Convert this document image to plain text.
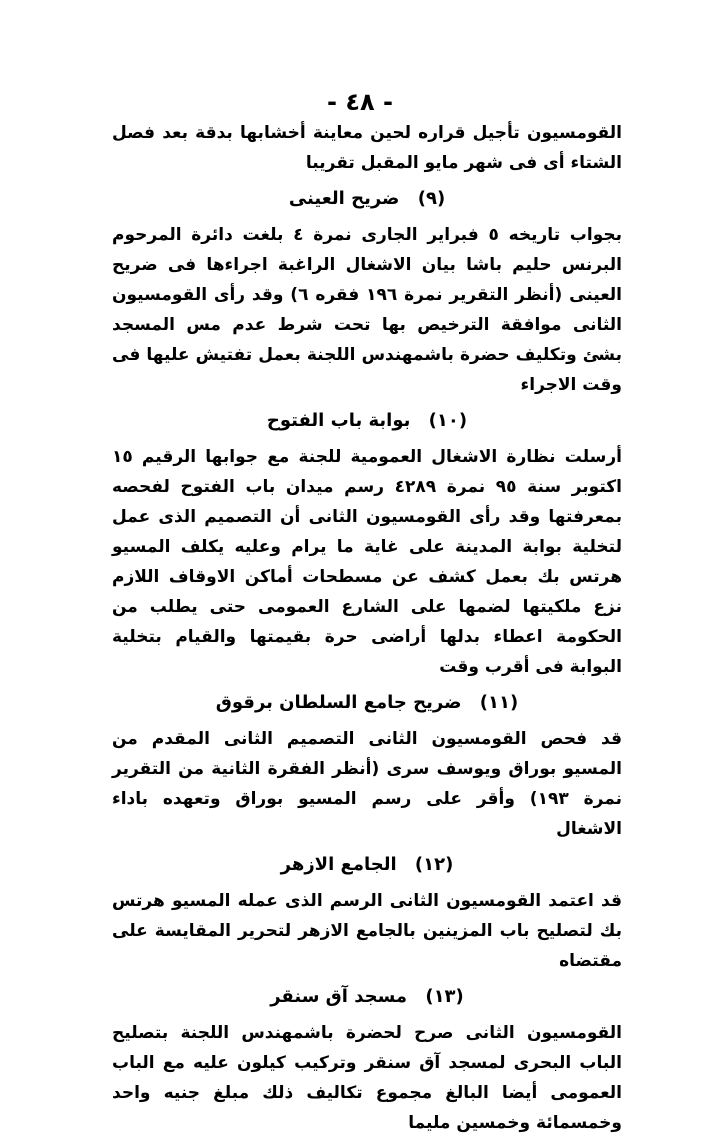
- ٤٨ -

القومسيون تأجيل قراره لحين معاينة أخشابها بدقة بعد فصل الشتاء أى فى شهر مايو المقبل تقريبا

(٩) ضريح العينى

بجواب تاريخه ٥ فبراير الجارى نمرة ٤ بلغت دائرة المرحوم البرنس حليم باشا بيان الاشغال الراغبة اجراءها فى ضريح العينى (أنظر التقرير نمرة ١٩٦ فقره ٦) وقد رأى القومسيون الثانى موافقة الترخيص بها تحت شرط عدم مس المسجد بشئ وتكليف حضرة باشمهندس اللجنة بعمل تفتيش عليها فى وقت الاجراء

(١٠) بوابة باب الفتوح

أرسلت نظارة الاشغال العمومية للجنة مع جوابها الرقيم ١٥ اكتوبر سنة ٩٥ نمرة ٤٢٨٩ رسم ميدان باب الفتوح لفحصه بمعرفتها وقد رأى القومسيون الثانى أن التصميم الذى عمل لتخلية بوابة المدينة على غاية ما يرام وعليه يكلف المسيو هرتس بك بعمل كشف عن مسطحات أماكن الاوقاف اللازم نزع ملكيتها لضمها على الشارع العمومى حتى يطلب من الحكومة اعطاء بدلها أراضى حرة بقيمتها والقيام بتخلية البوابة فى أقرب وقت

(١١) ضريح جامع السلطان برقوق

قد فحص القومسيون الثانى التصميم الثانى المقدم من المسيو بوراق ويوسف سرى (أنظر الفقرة الثانية من التقرير نمرة ١٩٣) وأقر على رسم المسيو بوراق وتعهده باداء الاشغال

(١٢) الجامع الازهر

قد اعتمد القومسيون الثانى الرسم الذى عمله المسيو هرتس بك لتصليح باب المزينين بالجامع الازهر لتحرير المقايسة على مقتضاه

(١٣) مسجد آق سنقر

القومسيون الثانى صرح لحضرة باشمهندس اللجنة بتصليح الباب البحرى لمسجد آق سنقر وتركيب كيلون عليه مع الباب العمومى أيضا البالغ مجموع تكاليف ذلك مبلغ جنيه واحد وخمسمائة وخمسين مليما
